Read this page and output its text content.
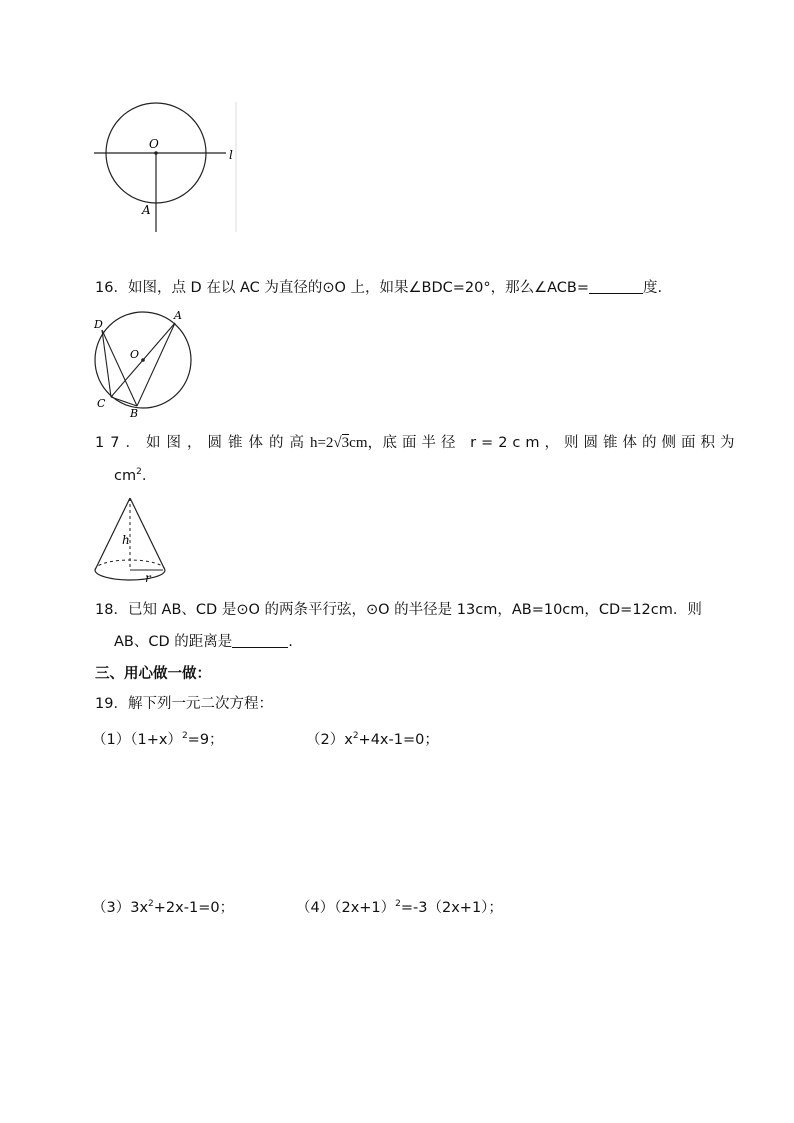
O
A
l
16．如图，点 D 在以 AC 为直径的⊙O 上，如果∠BDC=20°，那么∠ACB=	度.
D
A
O
C
B
17．如图，圆锥体的高 h=2√3cm， 底面半径 r=2cm，则圆锥体的侧面积为
$cm^2$.
h
r
18．已知 AB、CD 是⊙O 的两条平行弦，⊙O 的半径是 13cm，AB=10cm，CD=12cm．则
AB、CD 的距离是	.
三、用心做一做：
19．解下列一元二次方程：
$(1)(1+x)^2=9$；	$(2)x^2+4x-1=0$；
$(3)3x^2+2x-1=0$；	$(4)(2x+1)^2=-3(2x+1)$；
